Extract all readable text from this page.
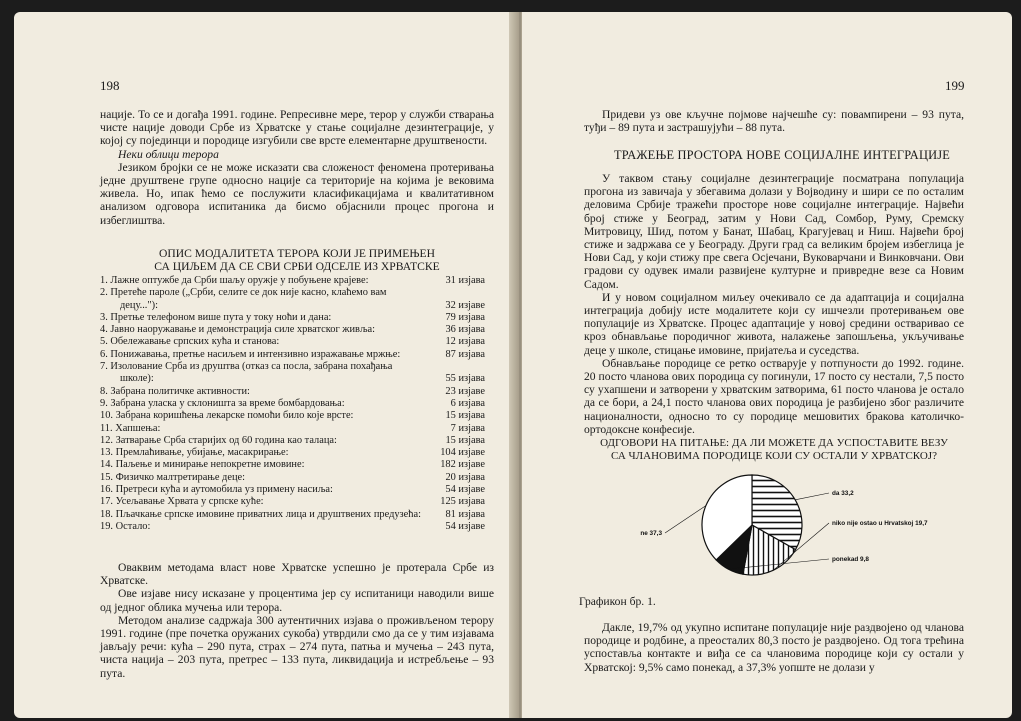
198

нације. То се и догађа 1991. године. Репресивне мере, терор у служби стварања чисте нације доводи Србе из Хрватске у стање социјалне дезинтеграције, у којој су појединци и породице изгубили све врсте елементарне друштвености.

Неки облици терора

Језиком бројки се не може исказати сва сложеност феномена протеривања једне друштвене групе односно нације са територије на којима је вековима живела. Но, ипак ћемо се послужити класификацијама и квалитативном анализом одговора испитаника да бисмо објаснили процес прогона и избеглиштва.

ОПИС МОДАЛИТЕТА ТЕРОРА КОЈИ ЈЕ ПРИМЕЊЕН

СА ЦИЉЕМ ДА СЕ СВИ СРБИ ОДСЕЛЕ ИЗ ХРВАТСКЕ

1. Лажне оптужбе да Срби шаљу оружје у побуњене крајеве:	31 изјава
2. Претеће пароле („Срби, селите се док није касно, клаћемо вам децу..."):	32 изјаве
3. Претње телефоном више пута у току ноћи и дана:	79 изјава
4. Јавно наоружавање и демонстрација силе хрватског живља:	36 изјава
5. Обележавање српских кућа и станова:	12 изјава
6. Понижавања, претње насиљем и интензивно изражавање мржње:	87 изјава
7. Изолование Срба из друштва (отказ са посла, забрана похађања школе):	55 изјава
8. Забрана политичке активности:	23 изјаве
9. Забрана уласка у склоништа за време бомбардовања:	6 изјава
10. Забрана коришћења лекарске помоћи било које врсте:	15 изјава
11. Хапшења:	7 изјава
12. Затварање Срба старијих од 60 година као талаца:	15 изјава
13. Премлаћивање, убијање, масакрирање:	104 изјаве
14. Паљење и минирање непокретне имовине:	182 изјаве
15. Физичко малтретирање деце:	20 изјава
16. Претреси кућа и аутомобила уз примену насиља:	54 изјаве
17. Усељавање Хрвата у српске куће:	125 изјава
18. Пљачкање српске имовине приватних лица и друштвених предузећа:	81 изјава
19. Остало:	54 изјаве

Оваквим методама власт нове Хрватске успешно је протерала Србе из Хрватске.

Ове изјаве нису исказане у процентима јер су испитаници наводили више од једног облика мучења или терора.

Методом анализе садржаја 300 аутентичних изјава о проживљеном терору 1991. године (пре почетка оружаних сукоба) утврдили смо да се у тим изјавама јављају речи: кућа – 290 пута, страх – 274 пута, патња и мучења – 243 пута, чиста нација – 203 пута, претрес – 133 пута, ликвидација и истребљење – 93 пута.

199

Придеви уз ове кључне појмове најчешће су: повампирени – 93 пута, туђи – 89 пута и застрашујући – 88 пута.

ТРАЖЕЊЕ ПРОСТОРА НОВЕ СОЦИЈАЛНЕ ИНТЕГРАЦИЈЕ

У таквом стању социјалне дезинтеграције посматрана популација прогона из завичаја у збегавима долази у Војводину и шири се по осталим деловима Србије тражећи просторе нове социјалне интеграције. Највећи број стиже у Београд, затим у Нови Сад, Сомбор, Руму, Сремску Митровицу, Шид, потом у Банат, Шабац, Крагујевац и Ниш. Највећи број стиже и задржава се у Београду. Други град са великим бројем избеглица је Нови Сад, у који стижу пре свега Осјечани, Вуковарчани и Винковчани. Ови градови су одувек имали развијене културне и привредне везе са Новим Садом.

И у новом социјалном миљеу очекивало се да адаптација и социјална интеграција добију исте модалитете који су ишчезли протеривањем ове популације из Хрватске. Процес адаптације у новој средини остваривао се кроз обнављање породичног живота, налажење запошљења, укључивање деце у школе, стицање имовине, пријатеља и суседства.

Обнављање породице се ретко остварује у потпуности до 1992. године. 20 посто чланова ових породица су погинули, 17 посто су нестали, 7,5 посто су ухапшени и затворени у хрватским затворима, 61 посто чланова је остало да се бори, а 24,1 посто чланова ових породица је разбијено због различите националности, односно то су породице мешовитих бракова католичко-ортодоксне конфесије.

ОДГОВОРИ НА ПИТАЊЕ: ДА ЛИ МОЖЕТЕ ДА УСПОСТАВИТЕ ВЕЗУ

СА ЧЛАНОВИМА ПОРОДИЦЕ КОЈИ СУ ОСТАЛИ У ХРВАТСКОЈ?

da 33,2
niko nije ostao u Hrvatskoj 19,7
ponekad 9,8
ne 37,3
Графикон бр. 1.

Дакле, 19,7% од укупно испитане популације није раздвојено од чланова породице и родбине, а преосталих 80,3 посто је раздвојено. Од тога трећина успоставља контакте и виђа се са члановима породице који су остали у Хрватској: 9,5% само понекад, а 37,3% уопште не долази у
